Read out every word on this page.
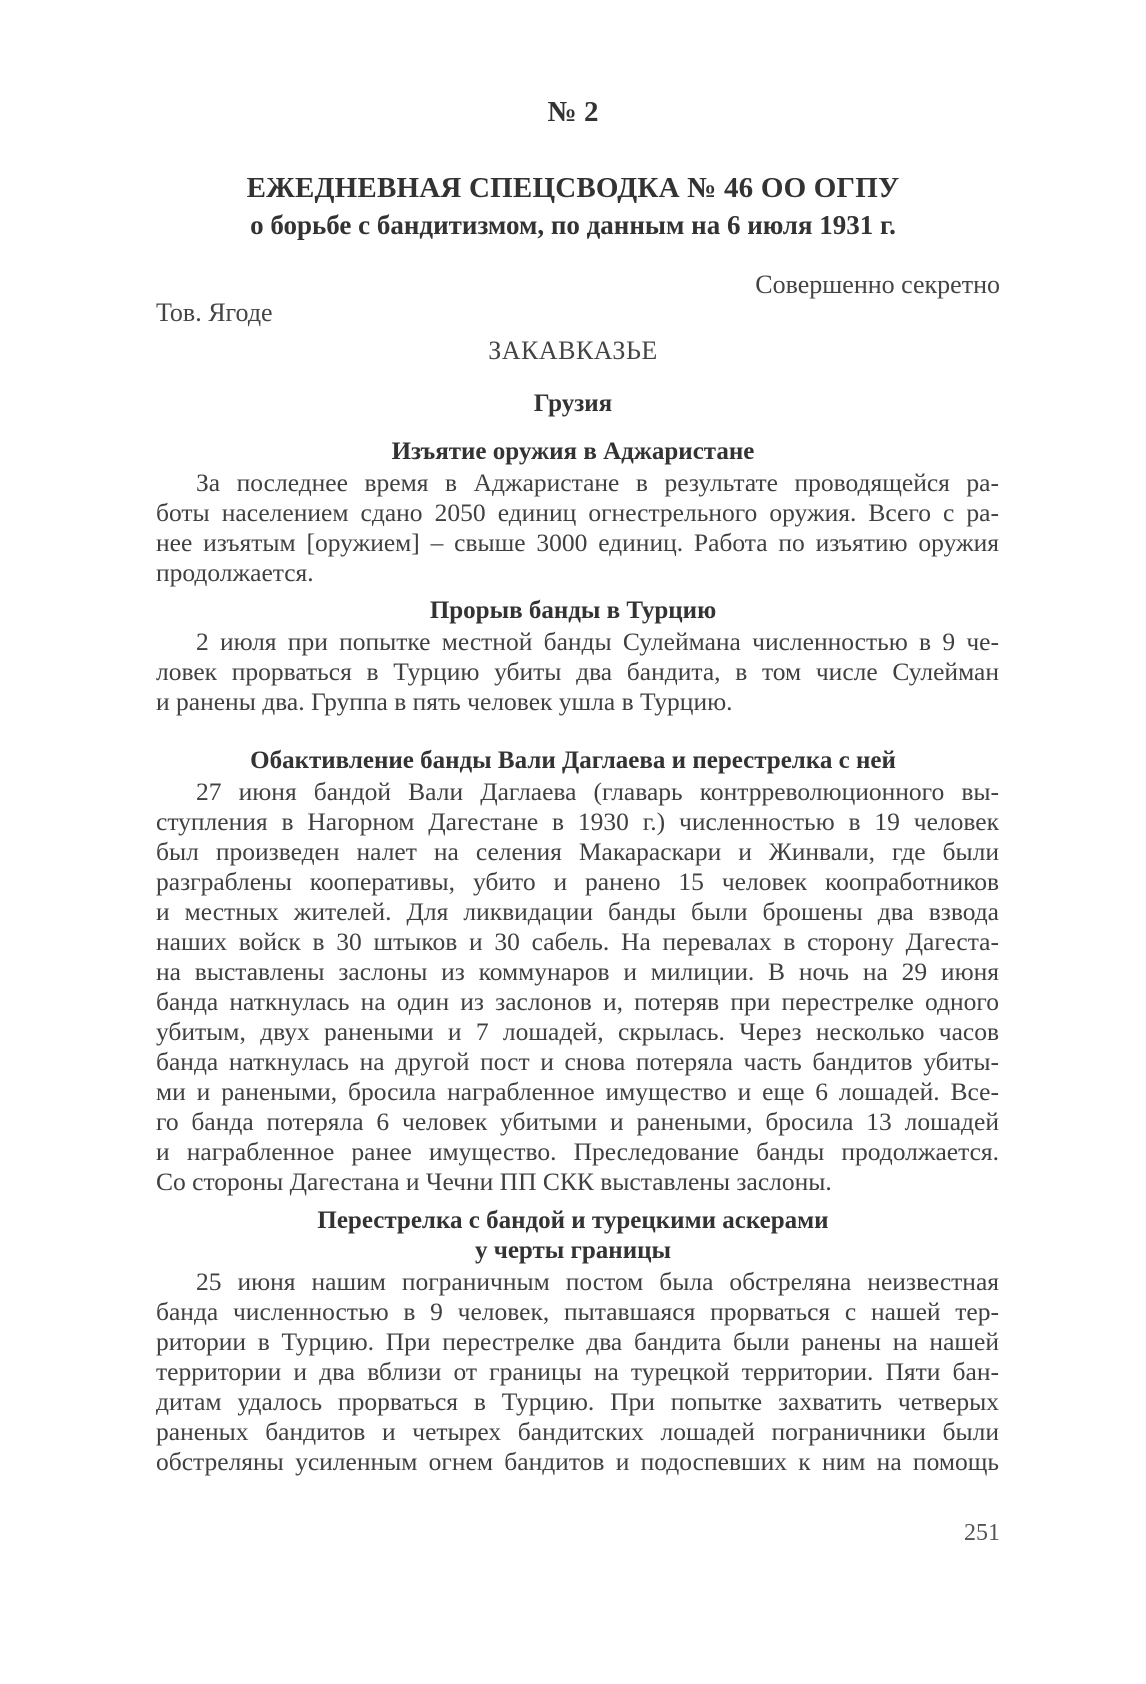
№ 2
ЕЖЕДНЕВНАЯ СПЕЦСВОДКА № 46 ОО ОГПУ
о борьбе с бандитизмом, по данным на 6 июля 1931 г.
Совершенно секретно
Тов. Ягоде
ЗАКАВКАЗЬЕ
Грузия
Изъятие оружия в Аджаристане
За последнее время в Аджаристане в результате проводящейся ра-
боты населением сдано 2050 единиц огнестрельного оружия. Всего с ра-
нее изъятым [оружием] – свыше 3000 единиц. Работа по изъятию оружия
продолжается.
Прорыв банды в Турцию
2 июля при попытке местной банды Сулеймана численностью в 9 че-
ловек прорваться в Турцию убиты два бандита, в том числе Сулейман
и ранены два. Группа в пять человек ушла в Турцию.
Обактивление банды Вали Даглаева и перестрелка с ней
27 июня бандой Вали Даглаева (главарь контрреволюционного вы-
ступления в Нагорном Дагестане в 1930 г.) численностью в 19 человек
был произведен налет на селения Макараскари и Жинвали, где были
разграблены кооперативы, убито и ранено 15 человек коопработников
и местных жителей. Для ликвидации банды были брошены два взвода
наших войск в 30 штыков и 30 сабель. На перевалах в сторону Дагеста-
на выставлены заслоны из коммунаров и милиции. В ночь на 29 июня
банда наткнулась на один из заслонов и, потеряв при перестрелке одного
убитым, двух ранеными и 7 лошадей, скрылась. Через несколько часов
банда наткнулась на другой пост и снова потеряла часть бандитов убиты-
ми и ранеными, бросила награбленное имущество и еще 6 лошадей. Все-
го банда потеряла 6 человек убитыми и ранеными, бросила 13 лошадей
и награбленное ранее имущество. Преследование банды продолжается.
Со стороны Дагестана и Чечни ПП СКК выставлены заслоны.
Перестрелка с бандой и турецкими аскерами
у черты границы
25 июня нашим пограничным постом была обстреляна неизвестная
банда численностью в 9 человек, пытавшаяся прорваться с нашей тер-
ритории в Турцию. При перестрелке два бандита были ранены на нашей
территории и два вблизи от границы на турецкой территории. Пяти бан-
дитам удалось прорваться в Турцию. При попытке захватить четверых
раненых бандитов и четырех бандитских лошадей пограничники были
обстреляны усиленным огнем бандитов и подоспевших к ним на помощь
251
